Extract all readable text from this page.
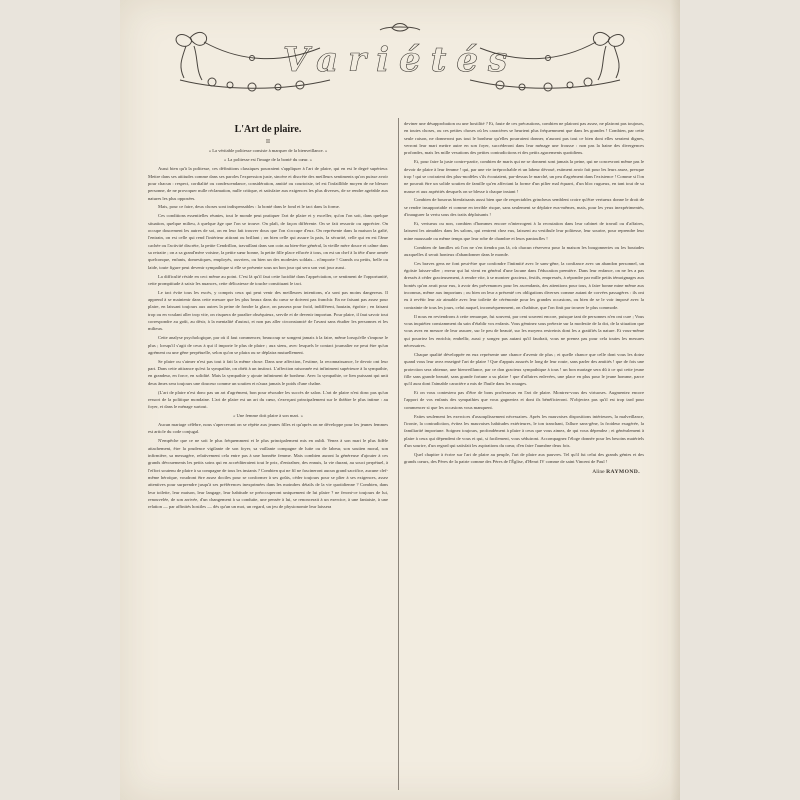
Variétés
L'Art de plaire.
II
« La véritable politesse consiste à marquer de la bienveillance. »
« La politesse est l'image de la bonté du cœur. »

Aussi bien qu'à la politesse, ces définitions classiques pourraient s'appliquer à l'art de plaire, qui en est le degré supérieur. Mettre dans ses attitudes comme dans ses paroles l'expression juste, sincère et discrète des meilleurs sentiments qu'on puisse avoir pour chacun : respect, cordialité ou condescendance, considération, amitié ou courtoisie, tel est l'infaillible moyen de ne blesser personne, de ne provoquer nulle réclamation, nulle critique, et satisfaire aux exigences les plus diverses, de se rendre agréable aux natures les plus opposées.

Mais, pour ce faire, deux choses sont indispensables : la bonté dans le fond et le tact dans la forme.

Ces conditions essentielles réunies, tout le monde peut pratiquer l'art de plaire et y exceller, qu'on l'on soit, dans quelque situation, quelque milieu, à quelque âge que l'on se trouve. On plaît, de façon différente. On se fait ressortir ou apprécier. On occupe doucement les autres de soi, on en leur fait trouver doux que l'on s'occupe d'eux. On représente dans la maison la gaîté, l'entrain, on est celle qui rend l'intérieur attirant ou brillant ; on bien celle qui assure la paix, la sécurité, celle qui en est l'âme cachée ou l'activité discrète, la petite Cendrillon, travaillant dans son coin au bien-être général, la vieille mère douce et calme dans sa retraite ; on a sa grand'mère voisine, la petite sœur bonne, la petite fille place effacée à tous, on est un chef à la tête d'une armée quelconque, enfants, domestiques, employés, ouvriers, ou bien un des modestes soldats... n'importe ! Grands ou petits, belle ou laide, toute figure peut devenir sympathique si elle se présente sous un bon jour qui sera son vrai jour aussi.

La difficulté réside en ceci même au point. C'est là qu'il faut cette lucidité dans l'appréciation, ce sentiment de l'opportunité, cette promptitude à saisir les nuances, cette délicatesse de touche constituant le tact.

Le tact évite tous les excès, y compris ceux qui peut venir des meilleures intentions, n'a sont pas moins dangereux. Il apprend à se maintenir dans cette mesure que les plus beaux dans du cœur se doivent pas franchir. En ne faisant pas assez pour plaire, en laissant toujours aux autres la peine de fondre la glace, on passera pour froid, indifférent, hautain, égoïste ; en faisant trop ou en voulant aller trop vite, on risquera de paraître obséquieux, servile et de devenir importun. Pour plaire, il faut savoir tout correspondre au goût, au désir, à la mentalité d'autrui, et non pas aller circonstancié de l'avant sans étudier les personnes et les milieux.

Cette analyse psychologique, par où il faut commencer, beaucoup se songent jamais à la faire, même lorsqu'elle s'impose le plus ; lorsqu'il s'agit de ceux à qui il importe le plus de plaire ; aux siens, avec lesquels le contact journalier ne peut être qu'un agrément ou une gêne perpétuelle, selon qu'on se plaira ou se déplaira mutuellement.

Se plaire ou s'aimer n'est pas tout à fait la même chose. Dans une affection, l'estime, la reconnaissance, le devoir ont leur part. Dans cette attirance qu'est la sympathie, on obéit à un instinct. L'affection raisonnée est infiniment supérieure à la sympathie, en grandeur, en force, en solidité. Mais la sympathie y ajoute infiniment de bonheur. Avec la sympathie, ce lien puissant qui unit deux âmes sera toujours une douceur comme un soutien et n'aura jamais le poids d'une chaîne.

(L'art de plaire n'est donc pas un art d'agrément, bon pour résoudre les succès de salon. L'art de plaire n'est donc pas qu'un ressort de la politique mondaine. L'art de plaire est un art du cœur, s'exerçant principalement sur le théâtre le plus intime : au foyer, et dans le ménage surtout.

« Une femme doit plaire à son mari. »

Aucun mariage célèbre, nous s'apercevant on se répète aux jeunes filles et qu'après on ne développe pour les jeunes femmes est article du code conjugal.

N'empêche que ce ne soit le plus fréquemment et le plus principalement mis en oubli. Venez à son mari le plus fidèle attachement, être la prudence vigilante de son foyer, sa vaillante compagne de lutte ou de labeur, son soutien moral, son infirmière, sa messagère, relativement cela entre pas à une honnête femme. Mais combien auront la généreuse d'ajouter à ces grands dévouements les petits soins qui en accréditeraient tout le prix, d'entraîner, des ennuis, la vie durant, au souci perpétuel, à l'effort soutenu de plaire à sa compagne de tous les instants ? Combien qui ne fil ne fascineront aucun grand sacrifice, aucune clef-même héroïque, voudront être assez dociles pour se conformer à ses goûts, céder toujours pour se plier à ses exigences, assez attentives pour surprendre jusqu'à ses préférences inexprimées dans les moindres détails de la vie quotidienne ? Combien, dans leur toilette, leur maison, leur langage, leur habitude se préoccuperont uniquement de lui plaire ? ne feront-ce toujours de lui, renouvelée, de son arrivée, d'un changement à sa conduite, une pensée à lui, se renoncerait à un exercice, à une fantaisie, à une relation — par affinités hostiles — dès qu'un un mot, un regard, un jeu de physionomie leur laissera

deviner une désapprobation ou une hostilité ? Et, faute de ces précautions, combien ne plairont pas assez, ne plairont pas toujours, en toutes choses, ou ces petites choses où les caractères se heurtent plus fréquemment que dans les grandes ! Combien, par cette seule raison, ne donneront pas tout le bonheur qu'elles pourraient donner, n'auront pas tout ce bien dont elles seraient dignes, verront leur mari mettre autre en son foyer, succéderont dans leur ménage une frousse : non pas la haine des divergences profondes, mais les mille vexations des petites contradictions et des petits agacements quotidiens.

Et, pour faire la juste contre-partie, combien de maris qui ne se donnent sont jamais la peine, qui ne concevront même pas le devoir de plaire à leur femme ! qui, par une vie irréprochable et un labeur dévoué, estiment avoir fait pour les leurs assez, presque trop ! qui se croiraient des plus-modèles s'ils écoutaient, par-dessus le marché, un peu d'agrément dans l'existence ! Comme si l'on ne pouvait être un solide soutien de famille qu'en affectant la forme d'un pilier mal équarri, d'un bloc rugueux, en tant tout de sa masse et aux aspérités desquels on se blesse à chaque instant !

Combien de bourrus bienfaisants aussi bien que de respectables grincheux semblent croire qu'être vertueux donne le droit de se rendre insupportable et comme en terrible risque, sans seulement se déplaire eux-mêmes, mais, pour les yeux inexpérimentés, d'inaugurer la vertu sous des traits déplaisants !

Et, vertueux ou non, combien d'hommes encore n'interrogent à la recrutation dans leur cabinet de travail ou d'affaires, laissent les aimables dans les salons, qui rentrent chez eux, laissent au vestibule leur politesse, leur sourire, pour reprendre leur mine maussade ou même temps que leur robe de chambre et leurs pantoufles !

Combien de familles où l'on ne s'en tiendra pas là, où chacun réservera pour la maison les bougonneries ou les boutades auxquelles il serait honteux d'abandonner dans le monde.

Ces braves gens ne font peut-être que confondre l'intimité avec le sans-gêne, la confiance avec un abandon personnel, un égoïste laisser-aller ; erreur qui lui vient en général d'une lacune dans l'éducation première. Dans leur enfance, on ne les a pas dressés à céder gracieusement, à rendre vite, à se montrer gracieux, festifs, empressés, à répondre par mille petits témoignages aux bontés qu'on avait pour eux, à avoir des prévenances pour les ascendants, des attentions pour tous, à faire bonne mine même aux inconnus, même aux importuns ; ou bien on leur a présenté ces obligations diverses comme autant de corvées passagères : ils ont eu à revêtir leur air aimable avec leur toilette de cérémonie pour les grandes occasions, ou bien de se le voir imposé avec la contrainte de tous les jours, celui auquel, inconséquemment, on s'habitue, que l'on finit par trouver le plus commode.

Il nous en reviendrons à cette remarque, fut souvent, par cent souvent encore, puisque tant de personnes n'en ont cure ; Vous vous inquiétez constamment du sain d'établir vos enfants. Vous géminez sous prétexte sur la modestie de la dot, de la situation que vous avez en mesure de leur assurer, sur le peu de beauté, sur les moyens restreints dont les a gratifiés la nature. Et vous-même qui pourriez les enrichir, embellir, aussi y songez pas autant qu'il faudrait, vous ne prenez pas pour cela toutes les mesures nécessaires.

Chaque qualité développée en eux représente une chance d'avenir de plus ; et quelle chance que celle dont vous les dotez quand vous leur avez enseigné l'art de plaire ! Que d'appuis assurés le long de leur route, sans parler des amitiés ! que de fois une protection sera obtenue, une bienveillance, par ce don gracieux sympathique à tous ! un bon mariage sera dû à ce qui cette jeune fille sans grande beauté, sans grande fortune a su plaire ! que d'affaires enlevées, une place en plus pour le jeune homme, parce qu'il aura dont l'aimable caractère a mis de l'huile dans les rouages.

Et on vous contestera pas d'être de bons professeurs en l'art de plaire. Montrez-vous des virtuoses. Augmentez encore l'apport de vos enfants des sympathies que vous gagneriez et dont ils bénéficieront. N'objectez pas qu'il est trop tard pour commencer si que les occasions vous manquent.

Faites seulement les exercices d'assouplissement nécessaires. Après les mauvaises dispositions intérieures, la malveillance, l'ironie, la contradiction, évitez les mauvaises habitudes extérieures, le ton tranchant, l'allure sans-gêne, la froideur exagérée, la familiarité importune. Soignez toujours, profondément à plaire à ceux que vous aimez, de qui vous dépendez ; et généralement à plaire à ceux qui dépendent de vous et qui, si facilement, vous séduiront. Accompagnez l'éloge donnée pour les besoins matériels d'un sourire, d'un regard qui satisfait les aspirations du cœur, d'en faire l'aumône deux fois.

Quel chapitre à écrire sur l'art de plaire au peuple, l'art de plaire aux pauvres. Tel qu'il fut celui des grands génies et des grands cœurs, des Pères de la patrie comme des Pères de l'Église, d'Henri IV comme de saint Vincent de Paul !

Aline RAYMOND.
